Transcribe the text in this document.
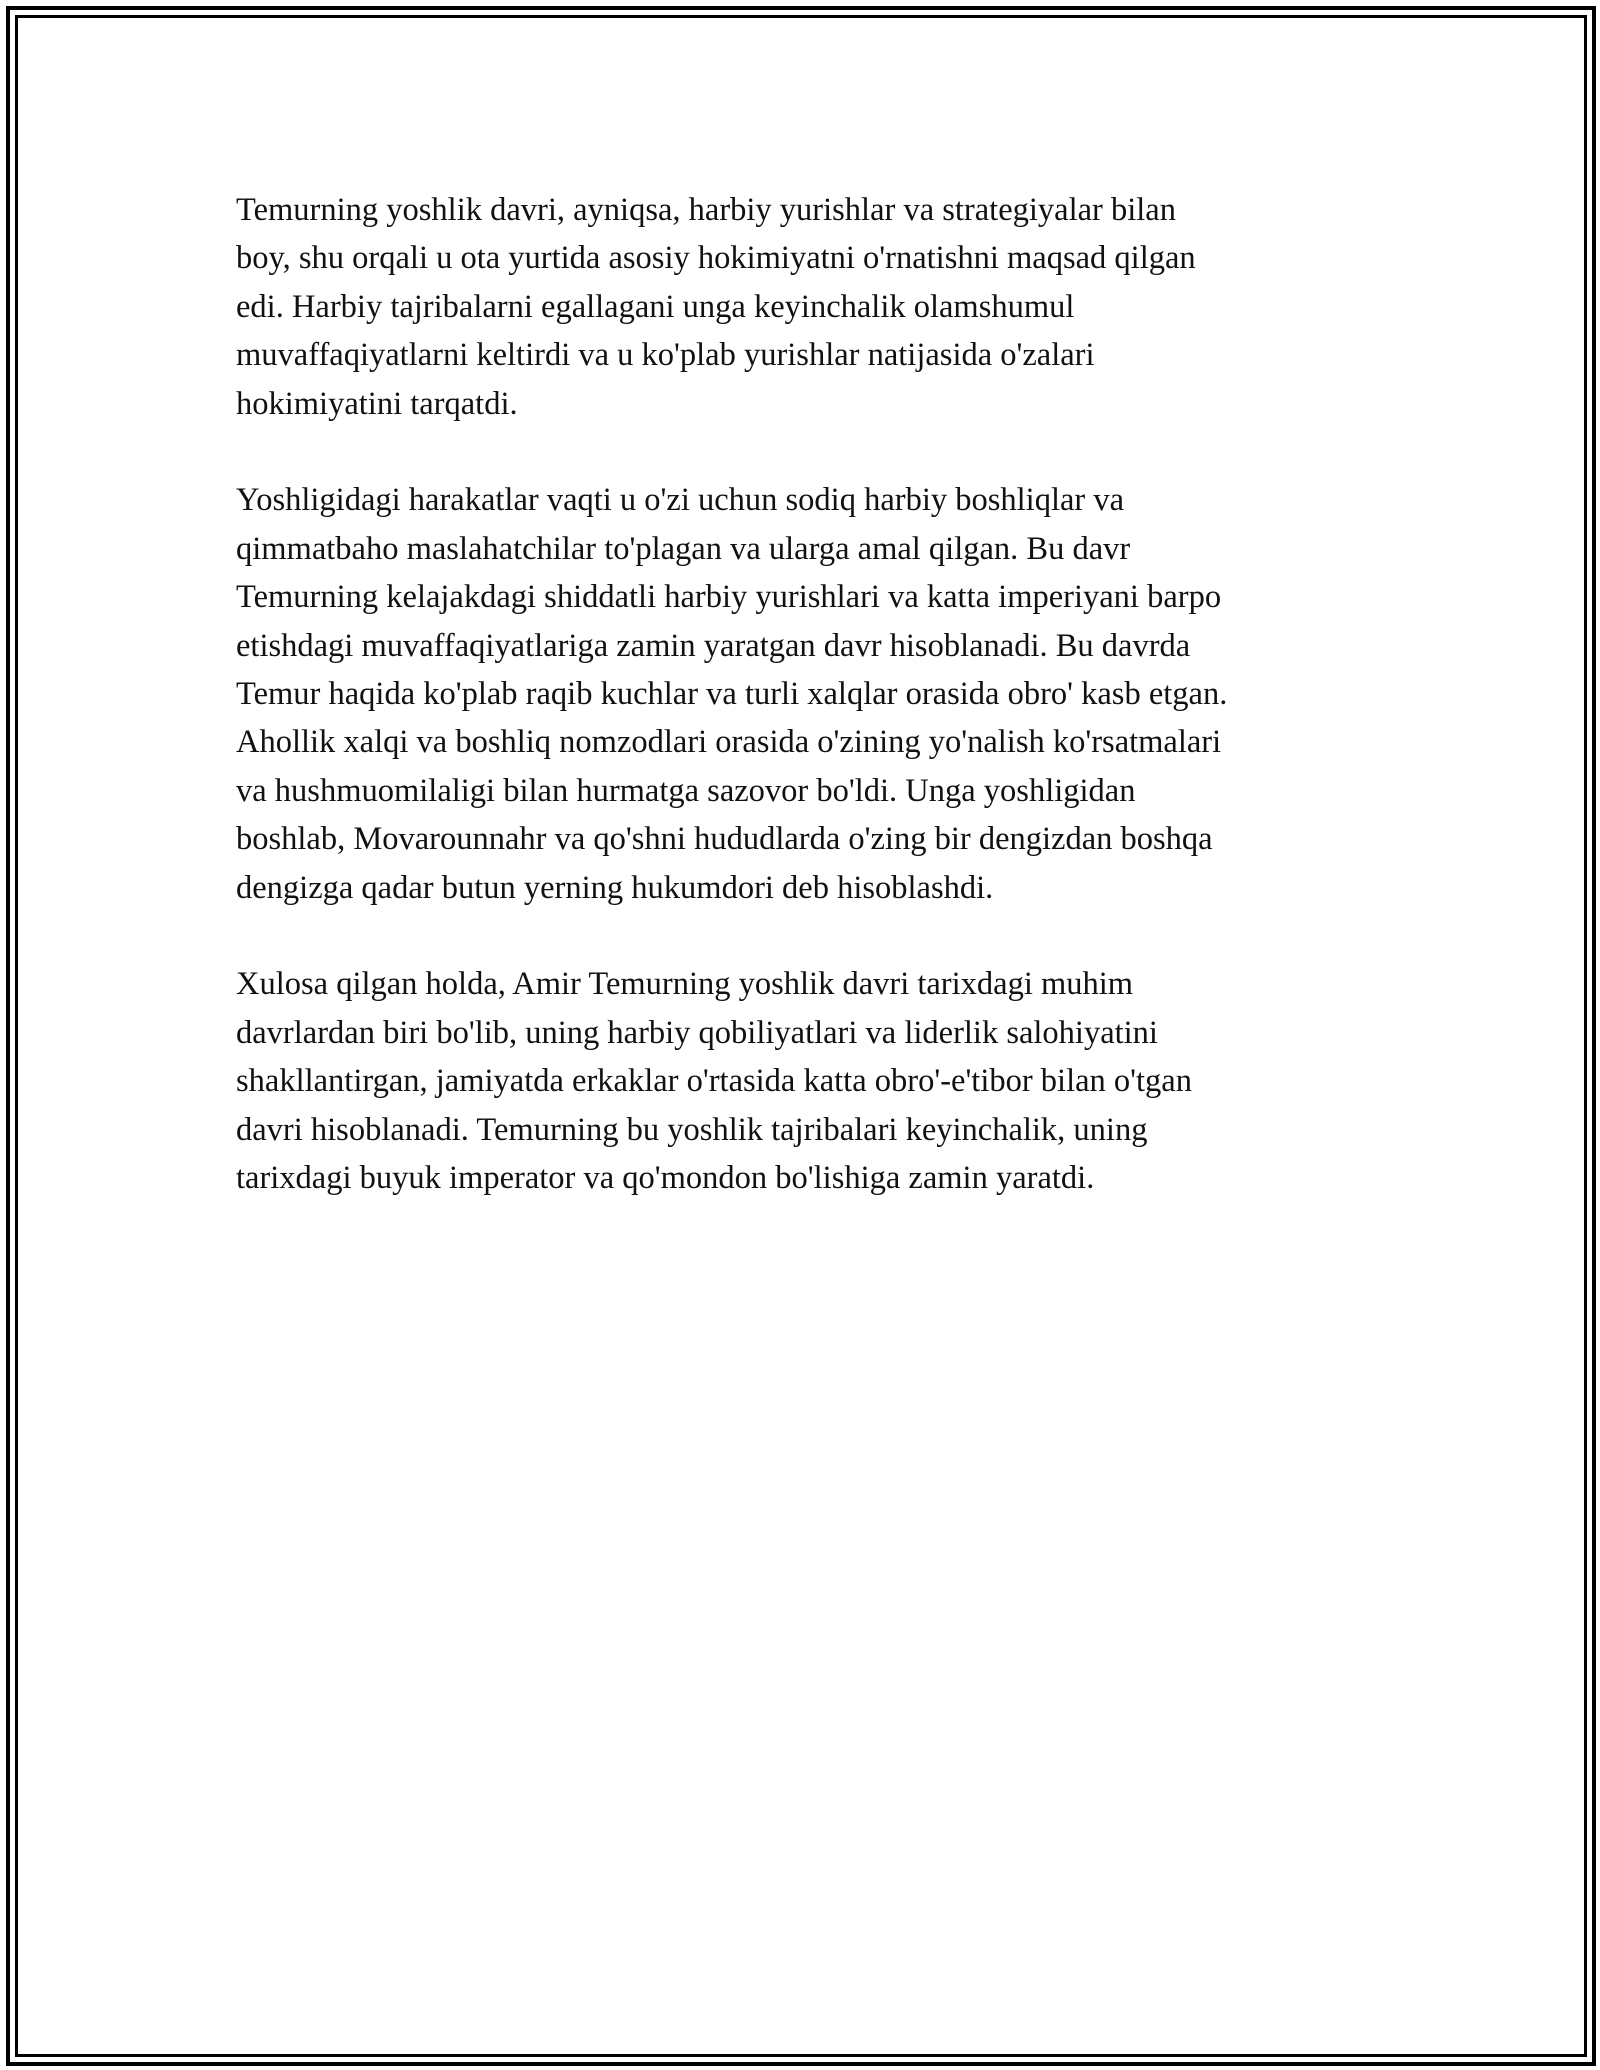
Temurning yoshlik davri, ayniqsa, harbiy yurishlar va strategiyalar bilan
boy, shu orqali u ota yurtida asosiy hokimiyatni o'rnatishni maqsad qilgan
edi. Harbiy tajribalarni egallagani unga keyinchalik olamshumul
muvaffaqiyatlarni keltirdi va u ko'plab yurishlar natijasida o'zalari
hokimiyatini tarqatdi.

Yoshligidagi harakatlar vaqti u o'zi uchun sodiq harbiy boshliqlar va
qimmatbaho maslahatchilar to'plagan va ularga amal qilgan. Bu davr
Temurning kelajakdagi shiddatli harbiy yurishlari va katta imperiyani barpo
etishdagi muvaffaqiyatlariga zamin yaratgan davr hisoblanadi. Bu davrda
Temur haqida ko'plab raqib kuchlar va turli xalqlar orasida obro' kasb etgan.
Ahollik xalqi va boshliq nomzodlari orasida o'zining yo'nalish ko'rsatmalari
va hushmuomilaligi bilan hurmatga sazovor bo'ldi. Unga yoshligidan
boshlab, Movarounnahr va qo'shni hududlarda o'zing bir dengizdan boshqa
dengizga qadar butun yerning hukumdori deb hisoblashdi.

Xulosa qilgan holda, Amir Temurning yoshlik davri tarixdagi muhim
davrlardan biri bo'lib, uning harbiy qobiliyatlari va liderlik salohiyatini
shakllantirgan, jamiyatda erkaklar o'rtasida katta obro'-e'tibor bilan o'tgan
davri hisoblanadi. Temurning bu yoshlik tajribalari keyinchalik, uning
tarixdagi buyuk imperator va qo'mondon bo'lishiga zamin yaratdi.
